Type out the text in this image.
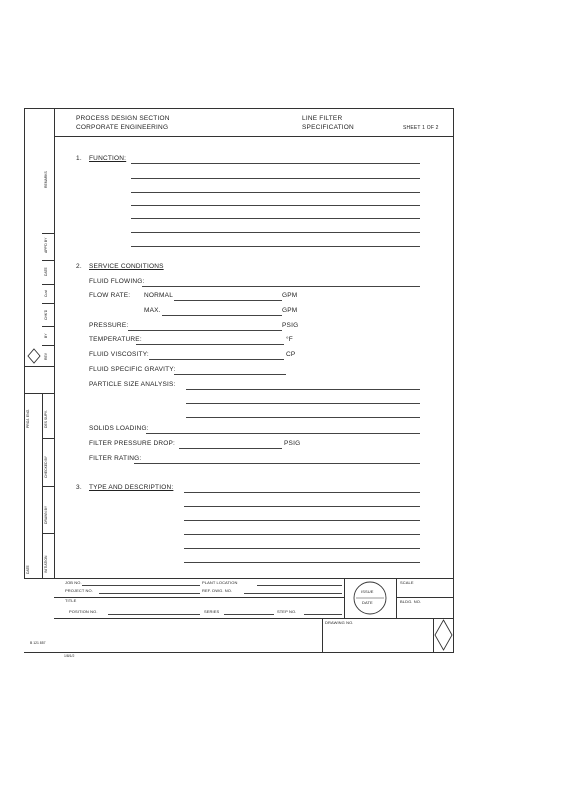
REMARKS
APP'D BY
DATE
Cust
CHK'D
BY
REV
PROJ. ENG.	DES SUPV.
CHECKED BY
DRAWN BY
DATE	INITIATION
PROCESS DESIGN SECTION
CORPORATE ENGINEERING
LINE FILTER
SPECIFICATION	SHEET 1 OF 2
1. FUNCTION:
2. SERVICE CONDITIONS
FLUID FLOWING:
FLOW RATE: NORMAL	GPM
MAX.	GPM
PRESSURE:	PSIG
TEMPERATURE:	°F
FLUID VISCOSITY:	CP
FLUID SPECIFIC GRAVITY:
PARTICLE SIZE ANALYSIS:
SOLIDS LOADING:
FILTER PRESSURE DROP:	PSIG
FILTER RATING:
3. TYPE AND DESCRIPTION:
JOB NO.	PLANT LOCATION
PROJECT NO.	REF. DWG. NO.
TITLE
POSITION NO.	SERIES	STEP NO.
ISSUE
DATE
SCALE
BLDG. NO.
DRAWING NO.
B 121 857
1/8/1/2
